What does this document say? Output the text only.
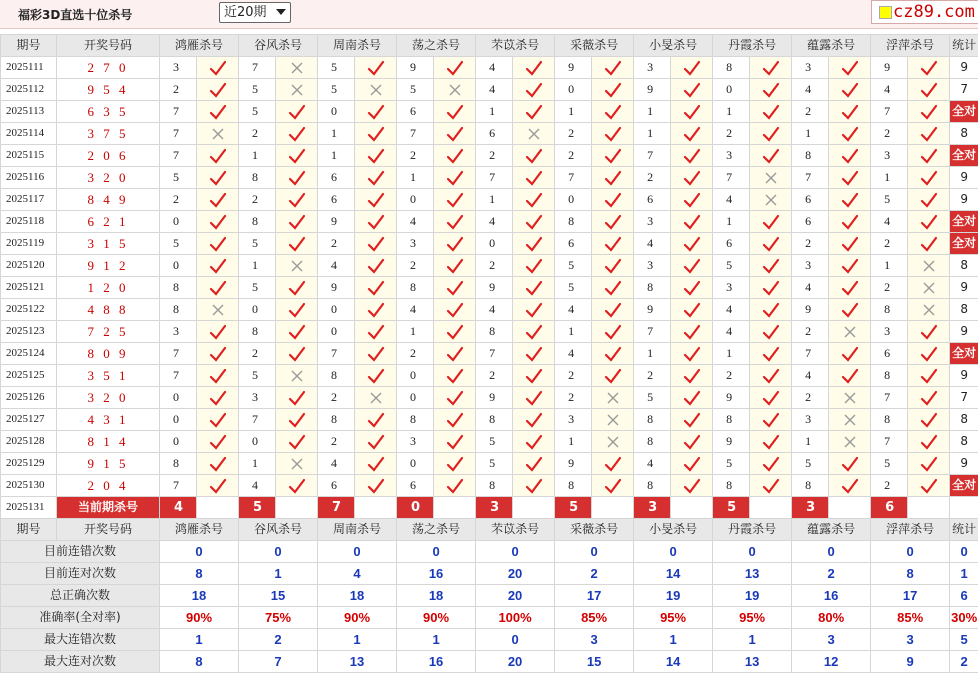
福彩3D直选十位杀号	近20期	cz89.com
期号	开奖号码	鸿雁杀号		谷风杀号		周南杀号		荡之杀号		芣苡杀号		采薇杀号		小旻杀号		丹霞杀号		蕴露杀号		浮萍杀号		统计
2025111	2 7 0	3		7		5		9		4		9		3		8		3		9		9
2025112	9 5 4	2		5		5		5		4		0		9		0		4		4		7
2025113	6 3 5	7		5		0		6		1		1		1		1		2		7		全对
2025114	3 7 5	7		2		1		7		6		2		1		2		1		2		8
2025115	2 0 6	7		1		1		2		2		2		7		3		8		3		全对
2025116	3 2 0	5		8		6		1		7		7		2		7		7		1		9
2025117	8 4 9	2		2		6		0		1		0		6		4		6		5		9
2025118	6 2 1	0		8		9		4		4		8		3		1		6		4		全对
2025119	3 1 5	5		5		2		3		0		6		4		6		2		2		全对
2025120	9 1 2	0		1		4		2		2		5		3		5		3		1		8
2025121	1 2 0	8		5		9		8		9		5		8		3		4		2		9
2025122	4 8 8	8		0		0		4		4		4		9		4		9		8		8
2025123	7 2 5	3		8		0		1		8		1		7		4		2		3		9
2025124	8 0 9	7		2		7		2		7		4		1		1		7		6		全对
2025125	3 5 1	7		5		8		0		2		2		2		2		4		8		9
2025126	3 2 0	0		3		2		0		9		2		5		9		2		7		7
2025127	4 3 1	0		7		8		8		8		3		8		8		3		8		8
2025128	8 1 4	0		0		2		3		5		1		8		9		1		7		8
2025129	9 1 5	8		1		4		0		5		9		4		5		5		5		9
2025130	2 0 4	7		4		6		6		8		8		8		8		8		2		全对
2025131	当前期杀号	4		5		7		0		3		5		3		5		3		6		
期号	开奖号码	鸿雁杀号		谷风杀号		周南杀号		荡之杀号		芣苡杀号		采薇杀号		小旻杀号		丹霞杀号		蕴露杀号		浮萍杀号		统计
目前连错次数		0		0		0		0		0		0		0		0		0		0		0
目前连对次数		8		1		4		16		20		2		14		13		2		8		1
总正确次数		18		15		18		18		20		17		19		19		16		17		6
准确率(全对率)		90%		75%		90%		90%		100%		85%		95%		95%		80%		85%		30%
最大连错次数		1		2		1		1		0		3		1		1		3		3		5
最大连对次数		8		7		13		16		20		15		14		13		12		9		2
